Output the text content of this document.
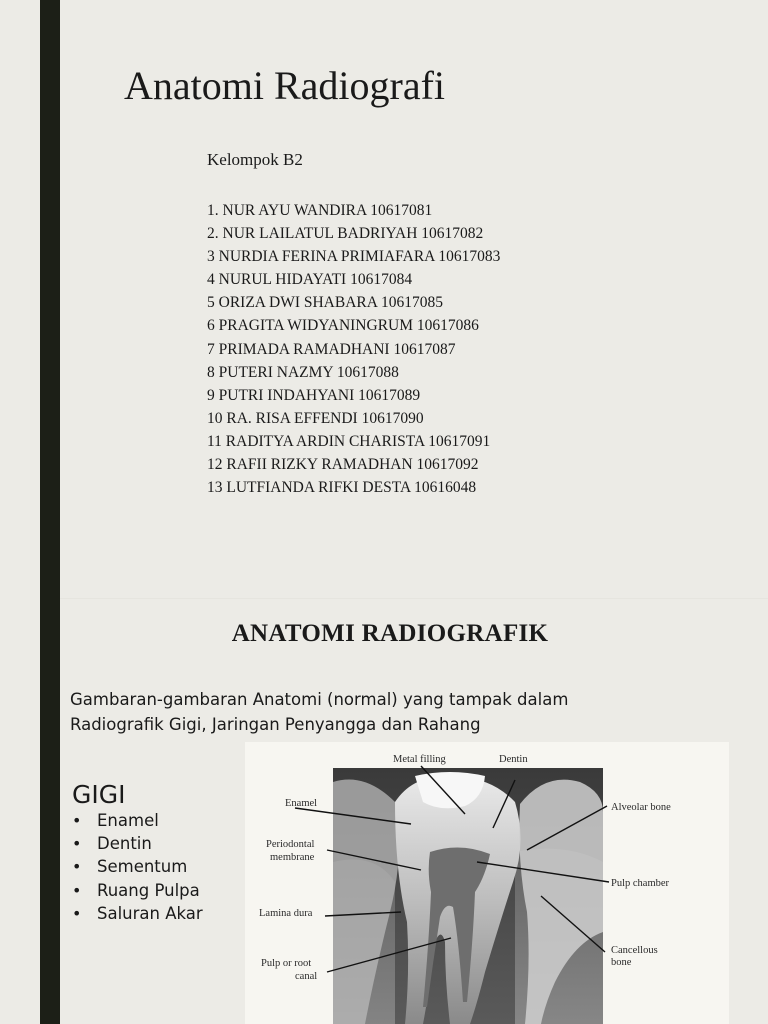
Anatomi Radiografi
Kelompok B2
1. NUR AYU WANDIRA 10617081
2. NUR LAILATUL BADRIYAH 10617082
3 NURDIA FERINA PRIMIAFARA 10617083
4 NURUL HIDAYATI 10617084
5 ORIZA DWI SHABARA 10617085
6 PRAGITA WIDYANINGRUM 10617086
7 PRIMADA RAMADHANI 10617087
8 PUTERI NAZMY 10617088
9 PUTRI INDAHYANI 10617089
10 RA. RISA EFFENDI 10617090
11 RADITYA ARDIN CHARISTA 10617091
12 RAFII RIZKY RAMADHAN 10617092
13 LUTFIANDA RIFKI DESTA 10616048
ANATOMI RADIOGRAFIK
Gambaran-gambaran Anatomi (normal) yang tampak dalam
Radiografik Gigi, Jaringan Penyangga dan Rahang
GIGI
• Enamel
• Dentin
• Sementum
• Ruang Pulpa
• Saluran Akar
Metal filling	Dentin
Enamel	Alveolar bone
Periodontal
membrane
Pulp chamber
Lamina dura
Cancellous
bone
Pulp or root
canal
